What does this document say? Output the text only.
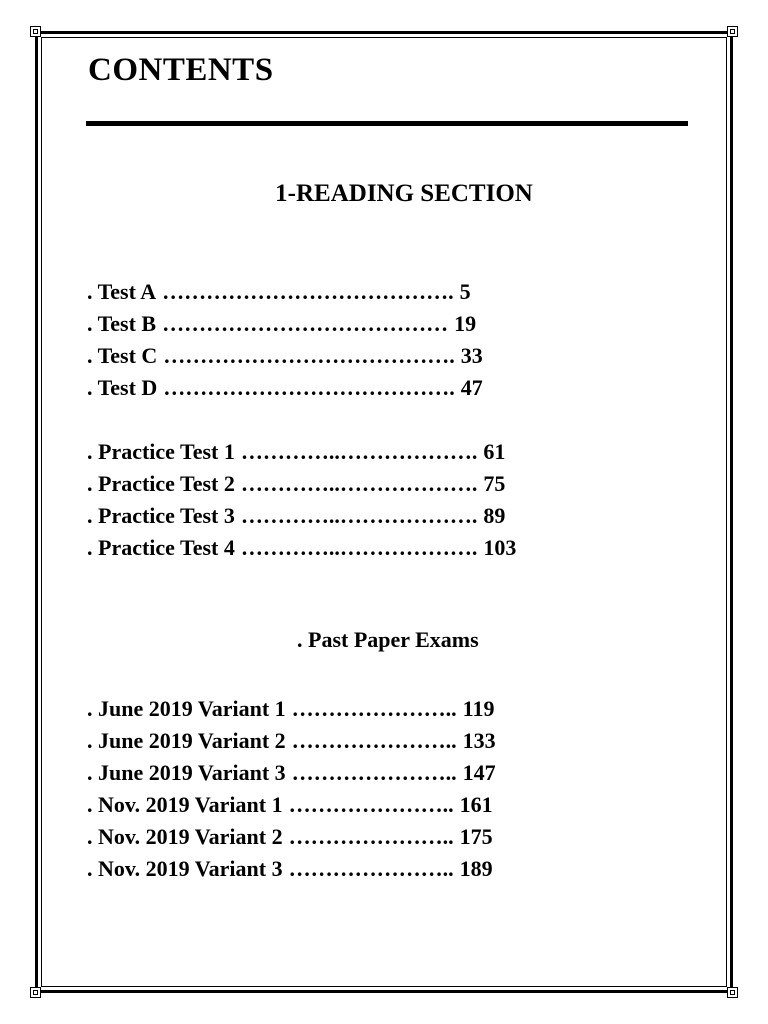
CONTENTS
1-READING SECTION
. Test A …………………………………. 5
. Test B ………………………………… 19
. Test C …………………………………. 33
. Test D …………………………………. 47
. Practice Test 1 …………..………………. 61
. Practice Test 2 …………..………………. 75
. Practice Test 3 …………..………………. 89
. Practice Test 4 …………..………………. 103
. Past Paper Exams
. June 2019 Variant 1 ………………….. 119
. June 2019 Variant 2 ………………….. 133
. June 2019 Variant 3 ………………….. 147
. Nov. 2019 Variant 1 ………………….. 161
. Nov. 2019 Variant 2 ………………….. 175
. Nov. 2019 Variant 3 ………………….. 189
